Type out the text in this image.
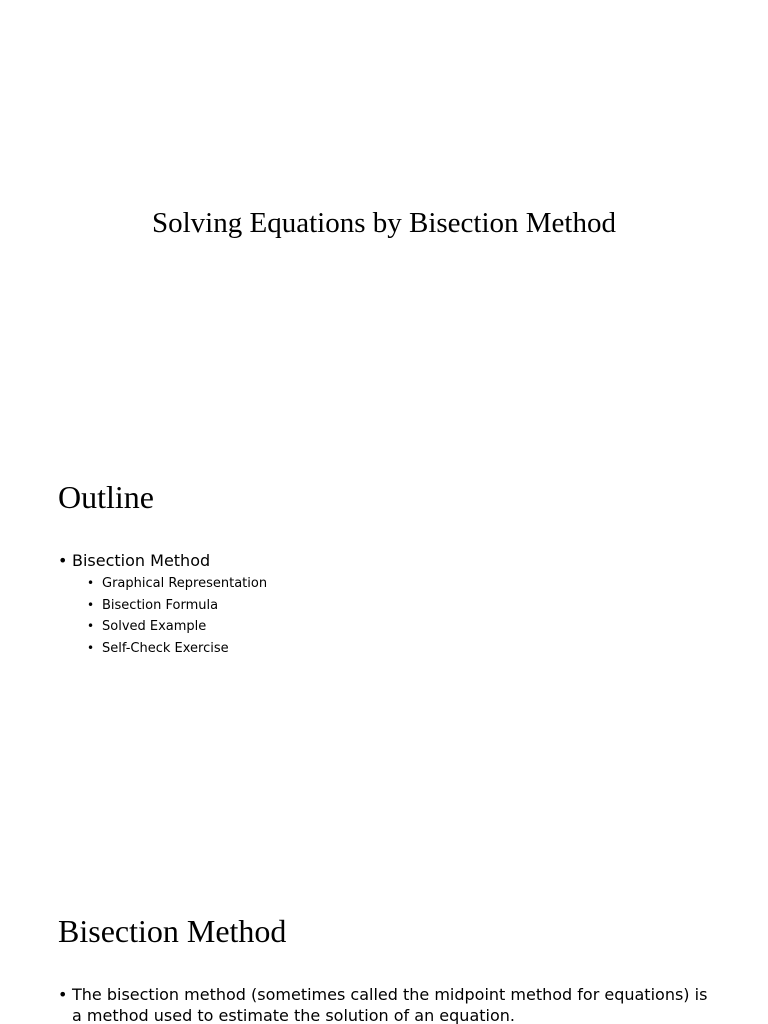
Solving Equations by Bisection Method
Outline
• Bisection Method
• Graphical Representation
• Bisection Formula
• Solved Example
• Self-Check Exercise
Bisection Method
• The bisection method (sometimes called the midpoint method for equations) is a method used to estimate the solution of an equation.
